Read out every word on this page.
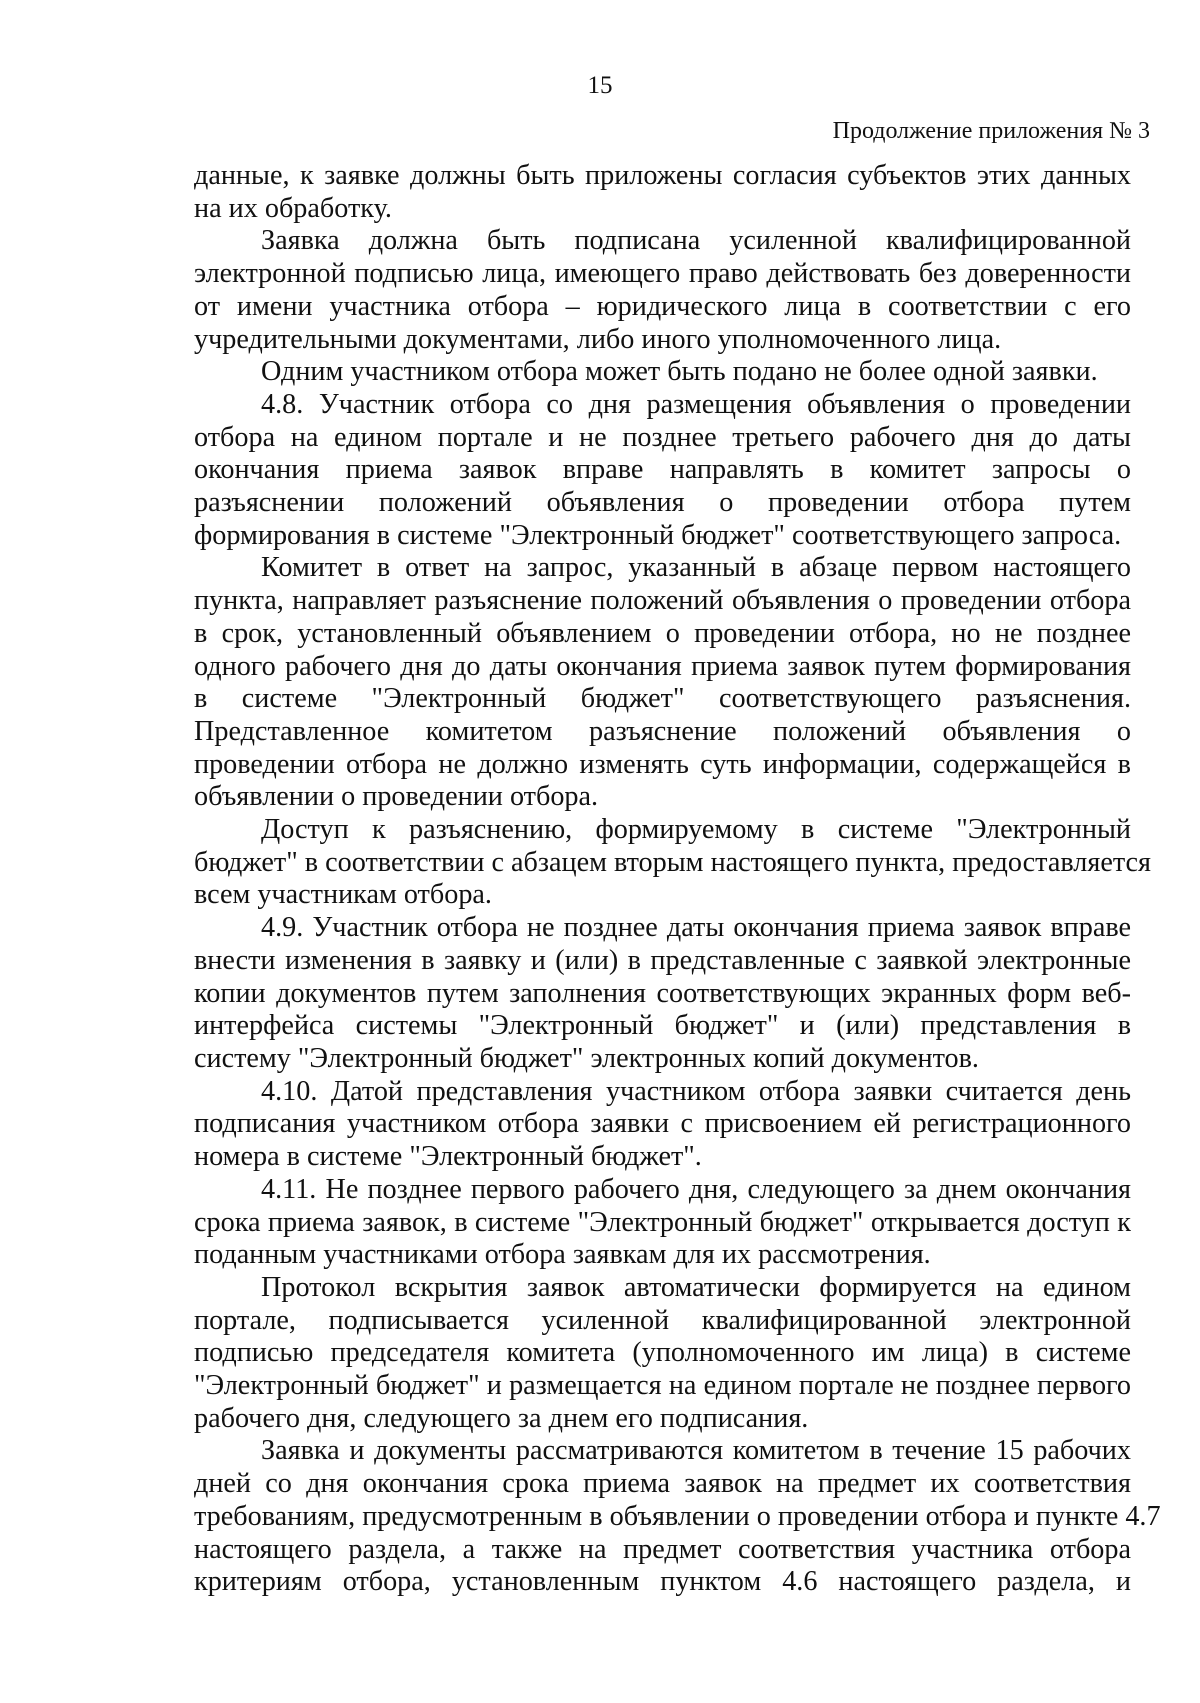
15
Продолжение приложения № 3
данные, к заявке должны быть приложены согласия субъектов этих данных
на их обработку.
Заявка должна быть подписана усиленной квалифицированной
электронной подписью лица, имеющего право действовать без доверенности
от имени участника отбора – юридического лица в соответствии с его
учредительными документами, либо иного уполномоченного лица.
Одним участником отбора может быть подано не более одной заявки.
4.8. Участник отбора со дня размещения объявления о проведении
отбора на едином портале и не позднее третьего рабочего дня до даты
окончания приема заявок вправе направлять в комитет запросы о
разъяснении положений объявления о проведении отбора путем
формирования в системе "Электронный бюджет" соответствующего запроса.
Комитет в ответ на запрос, указанный в абзаце первом настоящего
пункта, направляет разъяснение положений объявления о проведении отбора
в срок, установленный объявлением о проведении отбора, но не позднее
одного рабочего дня до даты окончания приема заявок путем формирования
в системе "Электронный бюджет" соответствующего разъяснения.
Представленное комитетом разъяснение положений объявления о
проведении отбора не должно изменять суть информации, содержащейся в
объявлении о проведении отбора.
Доступ к разъяснению, формируемому в системе "Электронный
бюджет" в соответствии с абзацем вторым настоящего пункта, предоставляется
всем участникам отбора.
4.9. Участник отбора не позднее даты окончания приема заявок вправе
внести изменения в заявку и (или) в представленные с заявкой электронные
копии документов путем заполнения соответствующих экранных форм веб-
интерфейса системы "Электронный бюджет" и (или) представления в
систему "Электронный бюджет" электронных копий документов.
4.10. Датой представления участником отбора заявки считается день
подписания участником отбора заявки с присвоением ей регистрационного
номера в системе "Электронный бюджет".
4.11. Не позднее первого рабочего дня, следующего за днем окончания
срока приема заявок, в системе "Электронный бюджет" открывается доступ к
поданным участниками отбора заявкам для их рассмотрения.
Протокол вскрытия заявок автоматически формируется на едином
портале, подписывается усиленной квалифицированной электронной
подписью председателя комитета (уполномоченного им лица) в системе
"Электронный бюджет" и размещается на едином портале не позднее первого
рабочего дня, следующего за днем его подписания.
Заявка и документы рассматриваются комитетом в течение 15 рабочих
дней со дня окончания срока приема заявок на предмет их соответствия
требованиям, предусмотренным в объявлении о проведении отбора и пункте 4.7
настоящего раздела, а также на предмет соответствия участника отбора
критериям отбора, установленным пунктом 4.6 настоящего раздела, и
